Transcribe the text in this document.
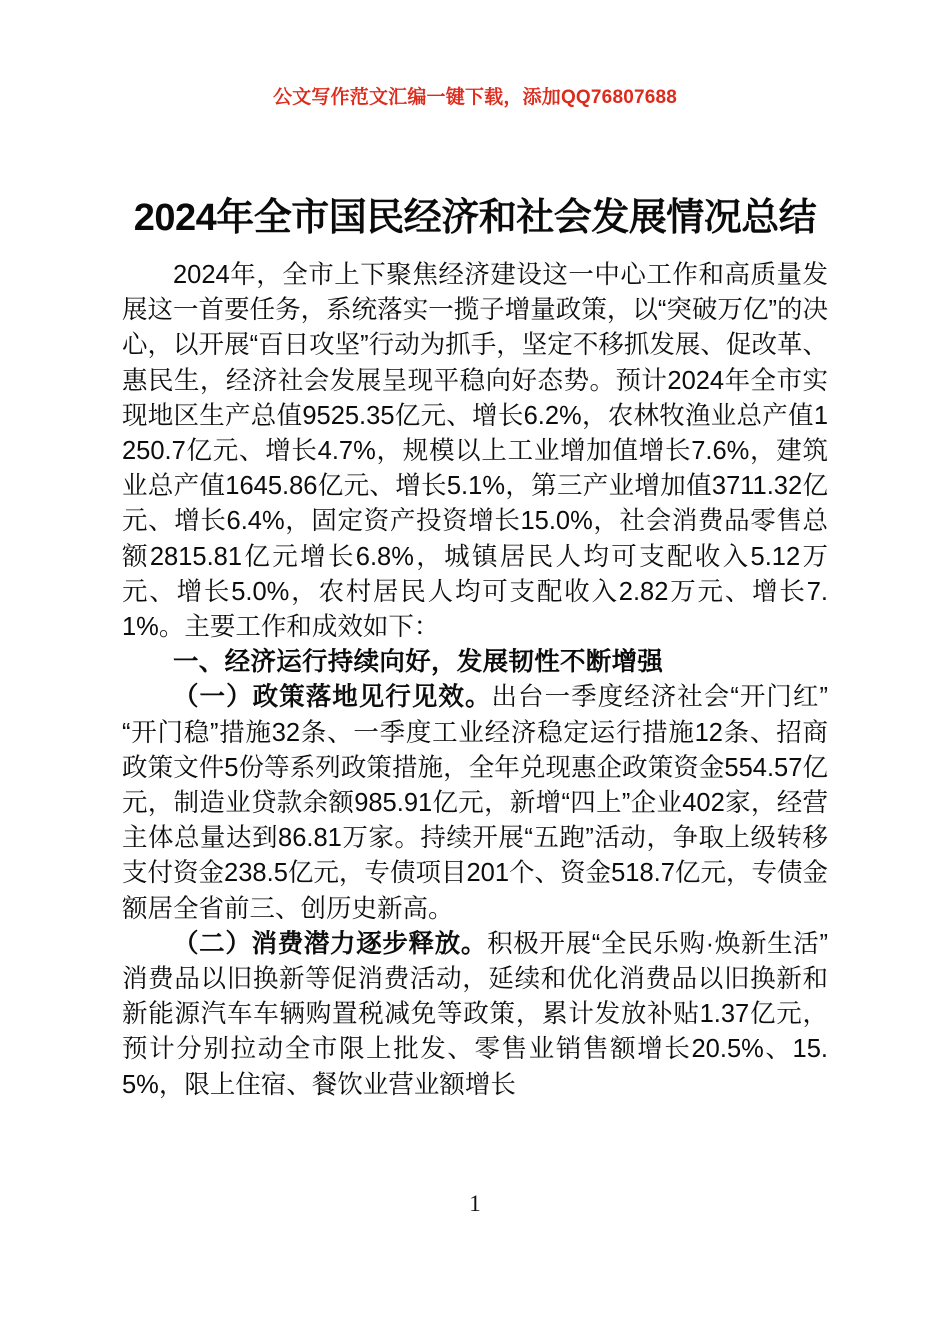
公文写作范文汇编一键下载，添加QQ76807688
2024年全市国民经济和社会发展情况总结

2024年，全市上下聚焦经济建设这一中心工作和高质量发展这一首要任务，系统落实一揽子增量政策，以“突破万亿”的决心，以开展“百日攻坚”行动为抓手，坚定不移抓发展、促改革、惠民生，经济社会发展呈现平稳向好态势。预计2024年全市实现地区生产总值9525.35亿元、增长6.2%，农林牧渔业总产值1250.7亿元、增长4.7%，规模以上工业增加值增长7.6%，建筑业总产值1645.86亿元、增长5.1%，第三产业增加值3711.32亿元、增长6.4%，固定资产投资增长15.0%，社会消费品零售总额2815.81亿元增长6.8%，城镇居民人均可支配收入5.12万元、增长5.0%，农村居民人均可支配收入2.82万元、增长7.1%。主要工作和成效如下：

一、经济运行持续向好，发展韧性不断增强

（一）政策落地见行见效。出台一季度经济社会“开门红”“开门稳”措施32条、一季度工业经济稳定运行措施12条、招商政策文件5份等系列政策措施，全年兑现惠企政策资金554.57亿元，制造业贷款余额985.91亿元，新增“四上”企业402家，经营主体总量达到86.81万家。持续开展“五跑”活动，争取上级转移支付资金238.5亿元，专债项目201个、资金518.7亿元，专债金额居全省前三、创历史新高。

（二）消费潜力逐步释放。积极开展“全民乐购·焕新生活”消费品以旧换新等促消费活动，延续和优化消费品以旧换新和新能源汽车车辆购置税减免等政策，累计发放补贴1.37亿元，预计分别拉动全市限上批发、零售业销售额增长20.5%、15.5%，限上住宿、餐饮业营业额增长

1
